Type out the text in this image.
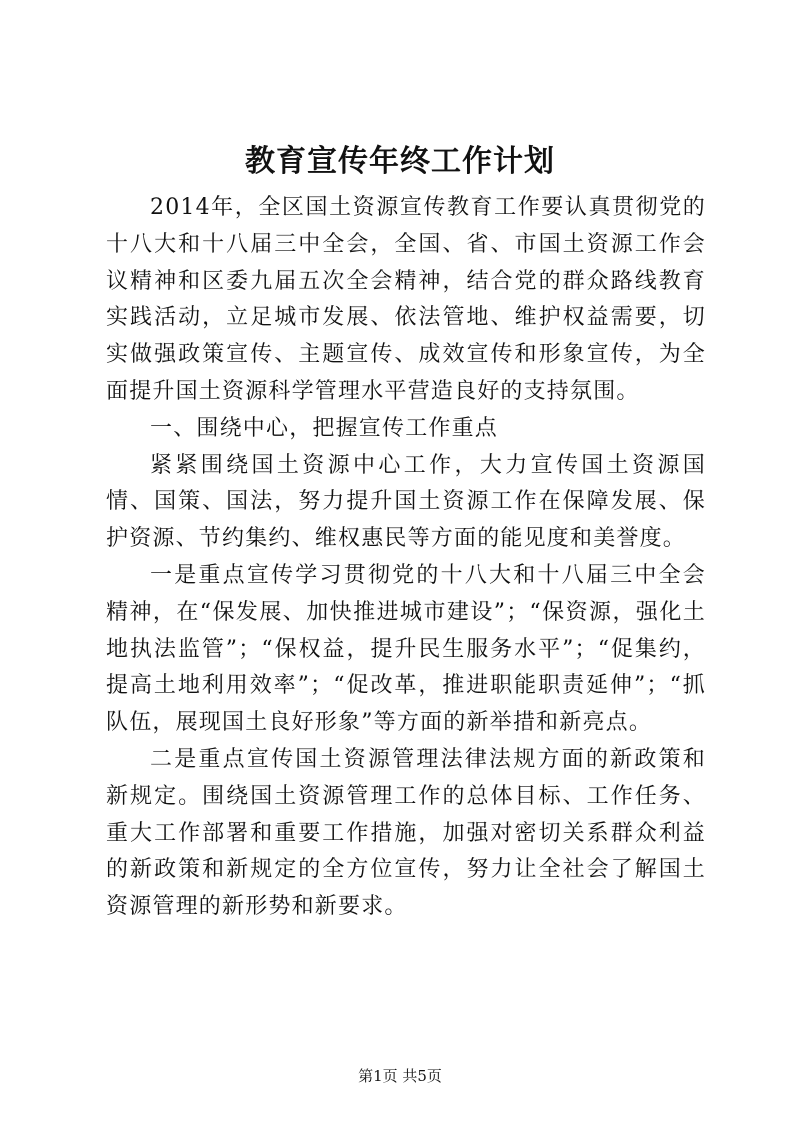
教育宣传年终工作计划

2014年，全区国土资源宣传教育工作要认真贯彻党的十八大和十八届三中全会，全国、省、市国土资源工作会议精神和区委九届五次全会精神，结合党的群众路线教育实践活动，立足城市发展、依法管地、维护权益需要，切实做强政策宣传、主题宣传、成效宣传和形象宣传，为全面提升国土资源科学管理水平营造良好的支持氛围。

一、围绕中心，把握宣传工作重点

紧紧围绕国土资源中心工作，大力宣传国土资源国情、国策、国法，努力提升国土资源工作在保障发展、保护资源、节约集约、维权惠民等方面的能见度和美誉度。

一是重点宣传学习贯彻党的十八大和十八届三中全会精神，在“保发展、加快推进城市建设”；“保资源，强化土地执法监管”；“保权益，提升民生服务水平”；“促集约，提高土地利用效率”；“促改革，推进职能职责延伸”；“抓队伍，展现国土良好形象”等方面的新举措和新亮点。

二是重点宣传国土资源管理法律法规方面的新政策和新规定。围绕国土资源管理工作的总体目标、工作任务、重大工作部署和重要工作措施，加强对密切关系群众利益的新政策和新规定的全方位宣传，努力让全社会了解国土资源管理的新形势和新要求。

第1页 共5页
